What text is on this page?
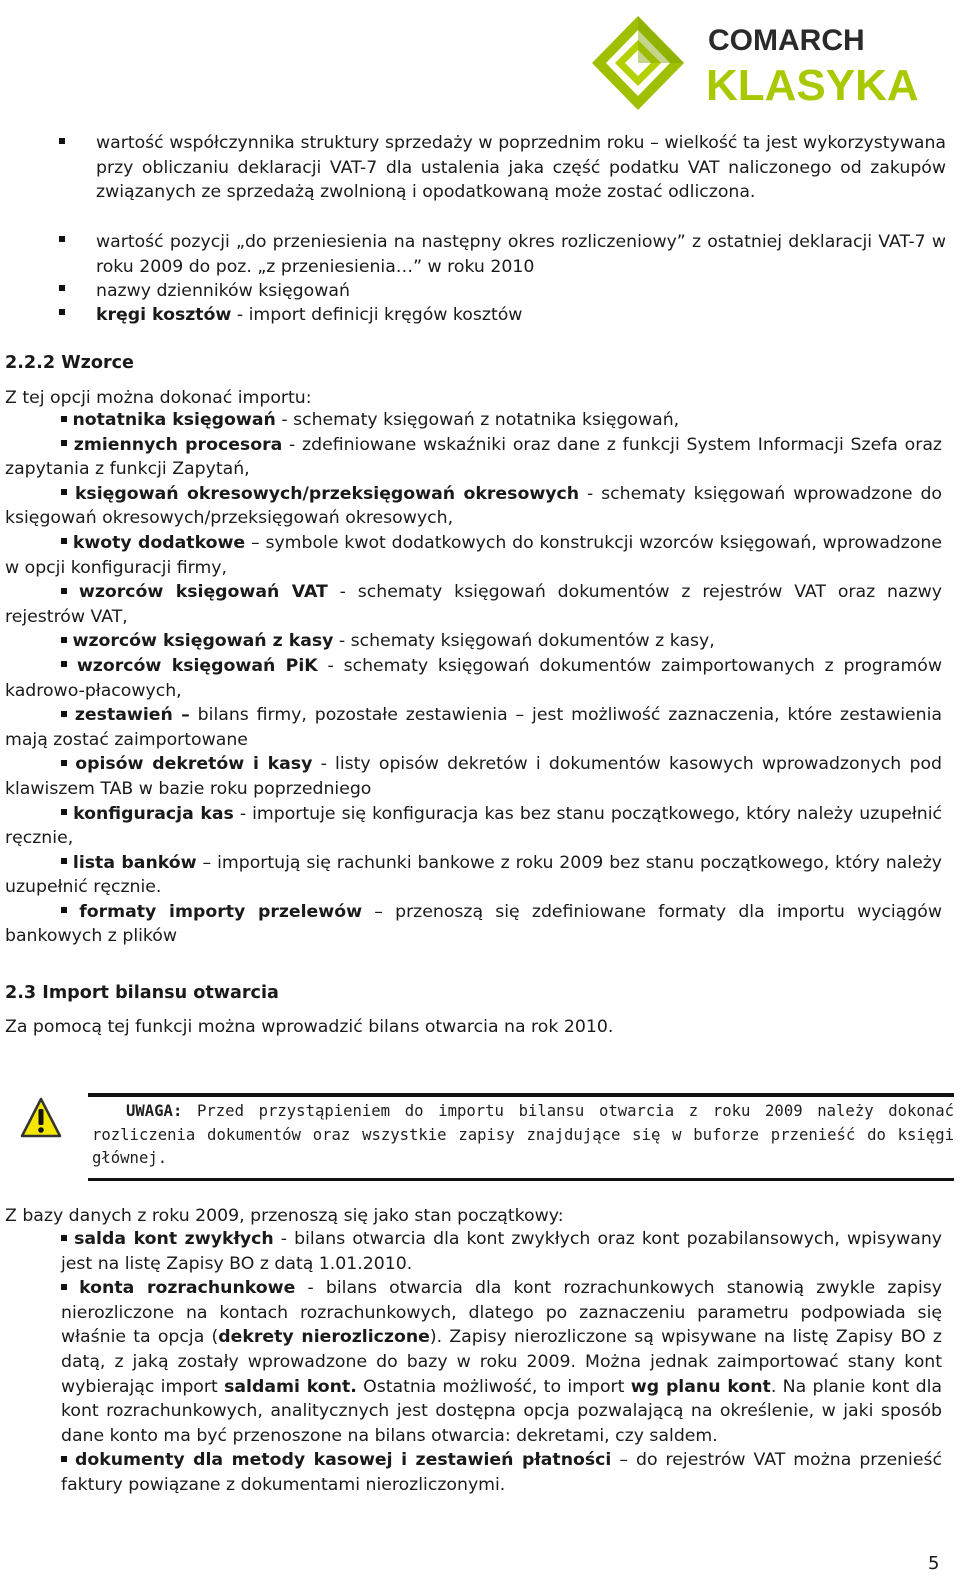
COMARCH
KLASYKA
wartość współczynnika struktury sprzedaży w poprzednim roku – wielkość ta jest wykorzystywana przy obliczaniu deklaracji VAT-7 dla ustalenia jaka część podatku VAT naliczonego od zakupów związanych ze sprzedażą zwolnioną i opodatkowaną może zostać odliczona.
wartość pozycji „do przeniesienia na następny okres rozliczeniowy” z ostatniej deklaracji VAT-7 w roku 2009 do poz. „z przeniesienia…” w roku 2010
nazwy dzienników księgowań
kręgi kosztów - import definicji kręgów kosztów
2.2.2 Wzorce
Z tej opcji można dokonać importu:
notatnika księgowań - schematy księgowań z notatnika księgowań,
zmiennych procesora - zdefiniowane wskaźniki oraz dane z funkcji System Informacji Szefa oraz zapytania z funkcji Zapytań,
księgowań okresowych/przeksięgowań okresowych - schematy księgowań wprowadzone do księgowań okresowych/przeksięgowań okresowych,
kwoty dodatkowe – symbole kwot dodatkowych do konstrukcji wzorców księgowań, wprowadzone w opcji konfiguracji firmy,
wzorców księgowań VAT - schematy księgowań dokumentów z rejestrów VAT oraz nazwy rejestrów VAT,
wzorców księgowań z kasy - schematy księgowań dokumentów z kasy,
wzorców księgowań PiK - schematy księgowań dokumentów zaimportowanych z programów kadrowo-płacowych,
zestawień – bilans firmy, pozostałe zestawienia – jest możliwość zaznaczenia, które zestawienia mają zostać zaimportowane
opisów dekretów i kasy - listy opisów dekretów i dokumentów kasowych wprowadzonych pod klawiszem TAB w bazie roku poprzedniego
konfiguracja kas - importuje się konfiguracja kas bez stanu początkowego, który należy uzupełnić ręcznie,
lista banków – importują się rachunki bankowe z roku 2009 bez stanu początkowego, który należy uzupełnić ręcznie.
formaty importy przelewów – przenoszą się zdefiniowane formaty dla importu wyciągów bankowych z plików
2.3 Import bilansu otwarcia
Za pomocą tej funkcji można wprowadzić bilans otwarcia na rok 2010.
UWAGA: Przed przystąpieniem do importu bilansu otwarcia z roku 2009 należy dokonać rozliczenia dokumentów oraz wszystkie zapisy znajdujące się w buforze przenieść do księgi głównej.
Z bazy danych z roku 2009, przenoszą się jako stan początkowy:
salda kont zwykłych - bilans otwarcia dla kont zwykłych oraz kont pozabilansowych, wpisywany jest na listę Zapisy BO z datą 1.01.2010.
konta rozrachunkowe - bilans otwarcia dla kont rozrachunkowych stanowią zwykle zapisy nierozliczone na kontach rozrachunkowych, dlatego po zaznaczeniu parametru podpowiada się właśnie ta opcja (dekrety nierozliczone). Zapisy nierozliczone są wpisywane na listę Zapisy BO z datą, z jaką zostały wprowadzone do bazy w roku 2009. Można jednak zaimportować stany kont wybierając import saldami kont. Ostatnia możliwość, to import wg planu kont. Na planie kont dla kont rozrachunkowych, analitycznych jest dostępna opcja pozwalającą na określenie, w jaki sposób dane konto ma być przenoszone na bilans otwarcia: dekretami, czy saldem.
dokumenty dla metody kasowej i zestawień płatności – do rejestrów VAT można przenieść faktury powiązane z dokumentami nierozliczonymi.
5
